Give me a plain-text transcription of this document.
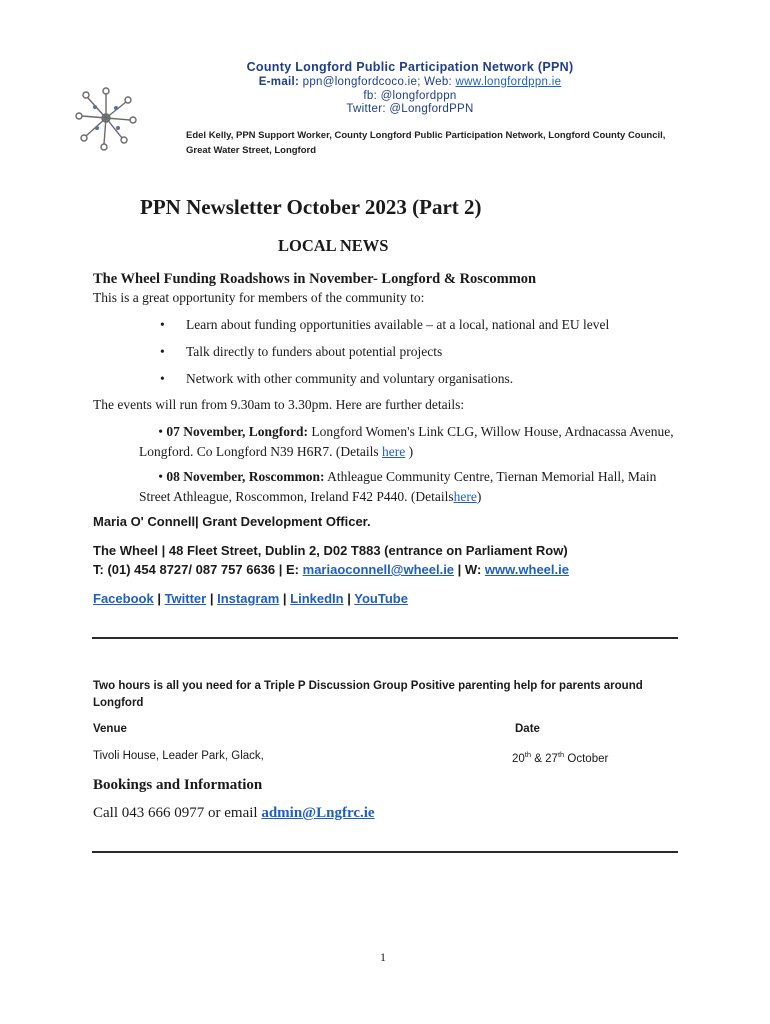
County Longford Public Participation Network (PPN)
E-mail: ppn@longfordcoco.ie; Web: www.longfordppn.ie
fb: @longfordppn
Twitter: @LongfordPPN
Edel Kelly, PPN Support Worker, County Longford Public Participation Network, Longford County Council, Great Water Street, Longford
PPN Newsletter October 2023 (Part 2)
LOCAL NEWS
The Wheel Funding Roadshows in November- Longford & Roscommon
This is a great opportunity for members of the community to:
• Learn about funding opportunities available – at a local, national and EU level
• Talk directly to funders about potential projects
• Network with other community and voluntary organisations.
The events will run from 9.30am to 3.30pm. Here are further details:
• 07 November, Longford: Longford Women's Link CLG, Willow House, Ardnacassa Avenue, Longford. Co Longford N39 H6R7. (Details here )
• 08 November, Roscommon: Athleague Community Centre, Tiernan Memorial Hall, Main Street Athleague, Roscommon, Ireland F42 P440. (Detailshere)
Maria O' Connell| Grant Development Officer.
The Wheel | 48 Fleet Street, Dublin 2, D02 T883 (entrance on Parliament Row)
T: (01) 454 8727/ 087 757 6636 | E: mariaoconnell@wheel.ie | W: www.wheel.ie
Facebook | Twitter | Instagram | LinkedIn | YouTube
Two hours is all you need for a Triple P Discussion Group Positive parenting help for parents around Longford
Venue	Date
Tivoli House, Leader Park, Glack,	20th & 27th October
Bookings and Information
Call 043 666 0977 or email admin@Lngfrc.ie
1
